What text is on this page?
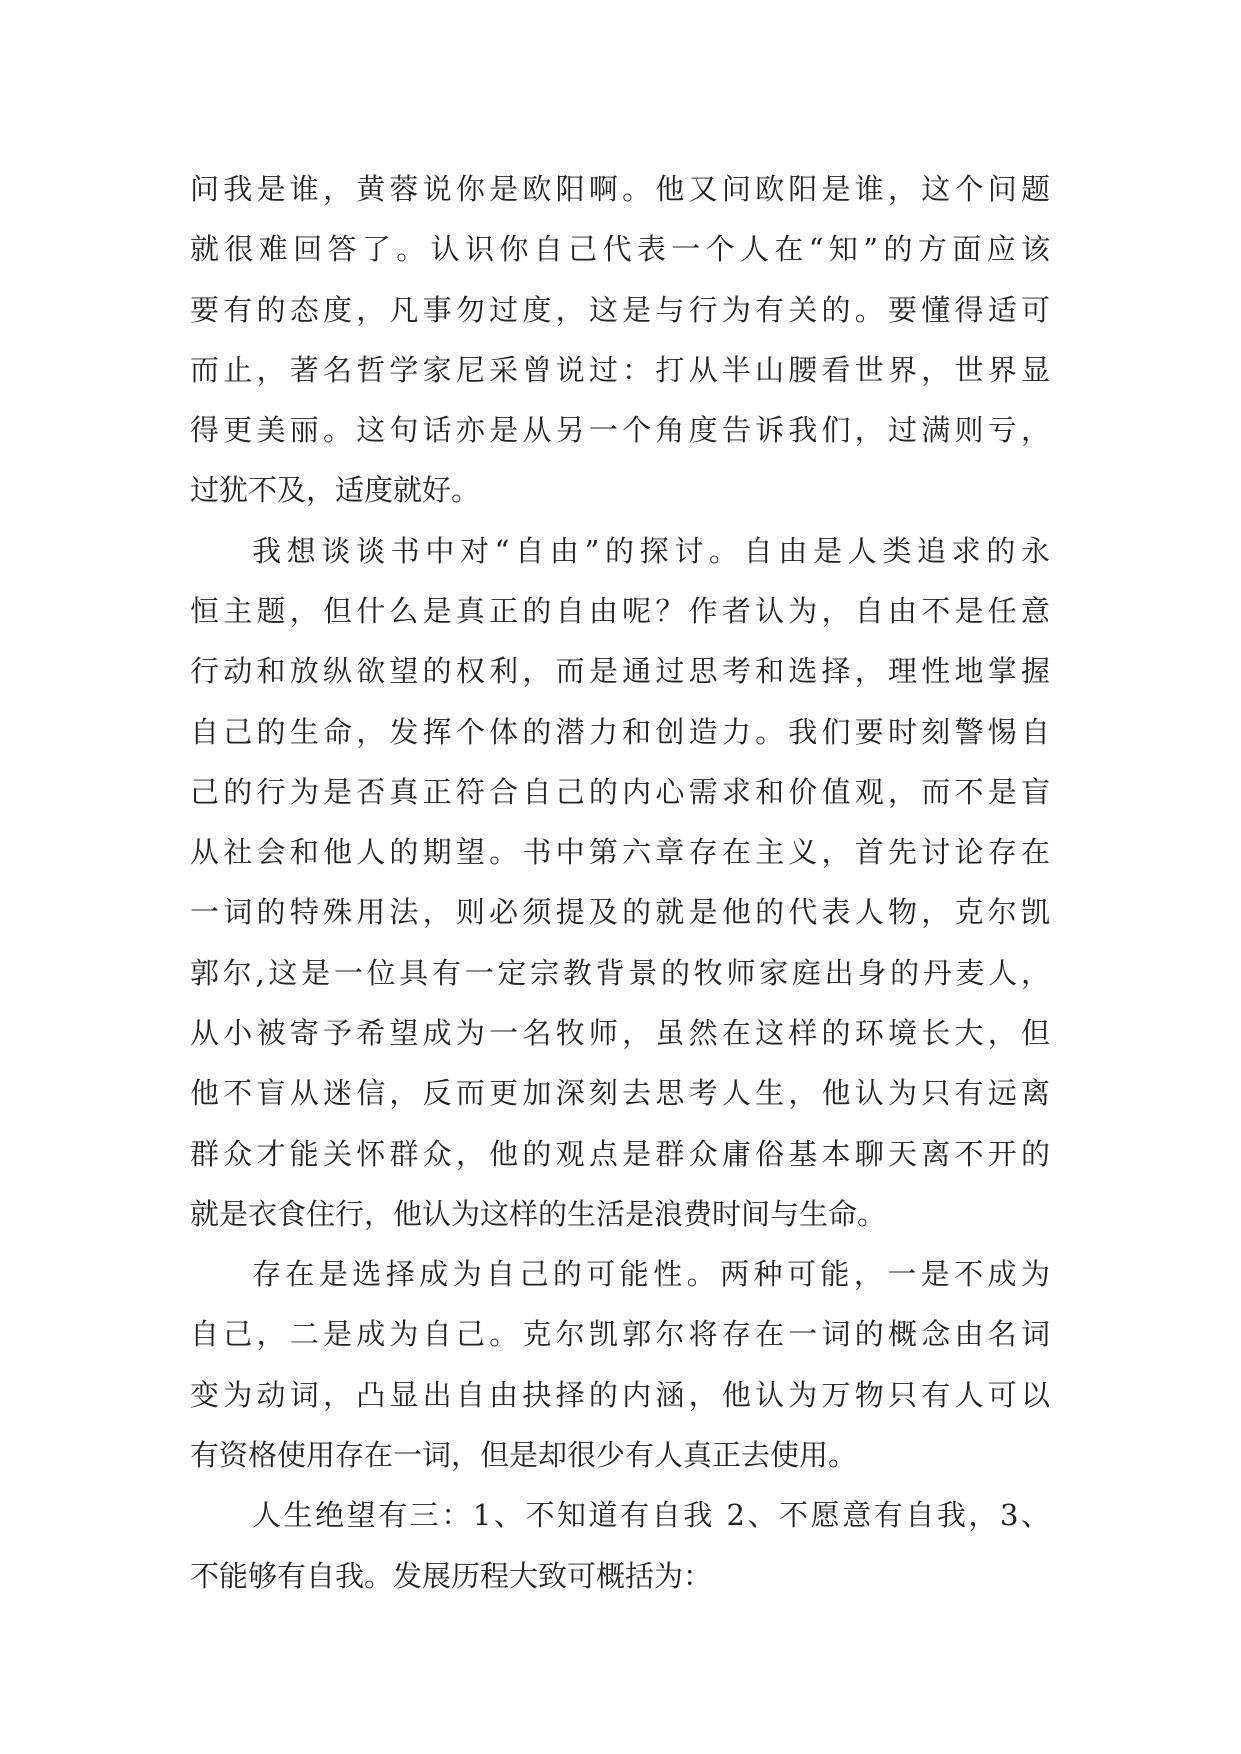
问我是谁，黄蓉说你是欧阳啊。他又问欧阳是谁，这个问题
就很难回答了。认识你自己代表一个人在“知”的方面应该
要有的态度，凡事勿过度，这是与行为有关的。要懂得适可
而止，著名哲学家尼采曾说过：打从半山腰看世界，世界显
得更美丽。这句话亦是从另一个角度告诉我们，过满则亏，
过犹不及，适度就好。
我想谈谈书中对“自由”的探讨。自由是人类追求的永
恒主题，但什么是真正的自由呢？作者认为，自由不是任意
行动和放纵欲望的权利，而是通过思考和选择，理性地掌握
自己的生命，发挥个体的潜力和创造力。我们要时刻警惕自
己的行为是否真正符合自己的内心需求和价值观，而不是盲
从社会和他人的期望。书中第六章存在主义，首先讨论存在
一词的特殊用法，则必须提及的就是他的代表人物，克尔凯
郭尔,这是一位具有一定宗教背景的牧师家庭出身的丹麦人，
从小被寄予希望成为一名牧师，虽然在这样的环境长大，但
他不盲从迷信，反而更加深刻去思考人生，他认为只有远离
群众才能关怀群众，他的观点是群众庸俗基本聊天离不开的
就是衣食住行，他认为这样的生活是浪费时间与生命。
存在是选择成为自己的可能性。两种可能，一是不成为
自己，二是成为自己。克尔凯郭尔将存在一词的概念由名词
变为动词，凸显出自由抉择的内涵，他认为万物只有人可以
有资格使用存在一词，但是却很少有人真正去使用。
人生绝望有三：1、不知道有自我 2、不愿意有自我，3、
不能够有自我。发展历程大致可概括为：
